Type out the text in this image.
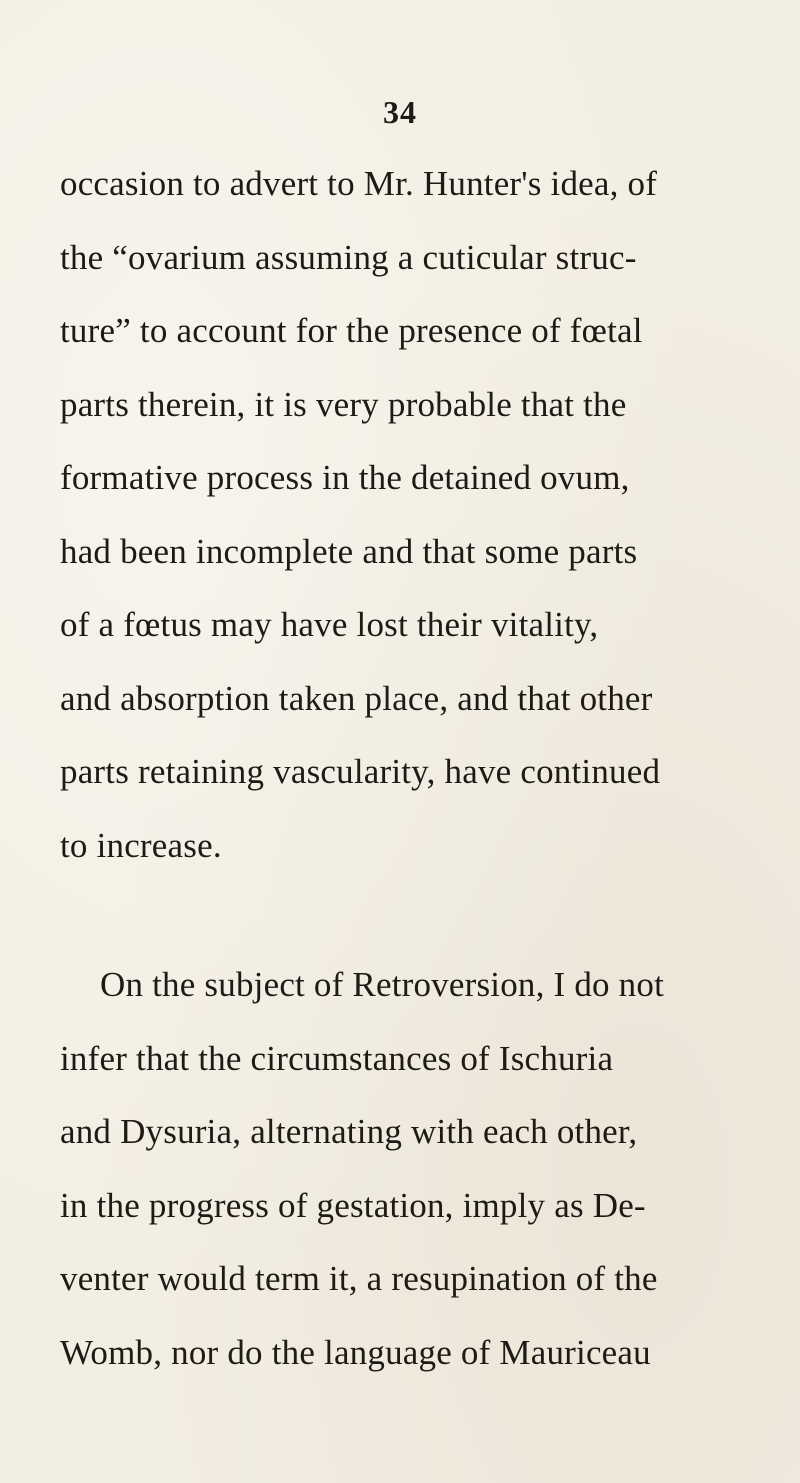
34
occasion to advert to Mr. Hunter's idea, of
the “ovarium assuming a cuticular struc-
ture” to account for the presence of fœtal
parts therein, it is very probable that the
formative process in the detained ovum,
had been incomplete and that some parts
of a fœtus may have lost their vitality,
and absorption taken place, and that other
parts retaining vascularity, have continued
to increase.
On the subject of Retroversion, I do not
infer that the circumstances of Ischuria
and Dysuria, alternating with each other,
in the progress of gestation, imply as De-
venter would term it, a resupination of the
Womb, nor do the language of Mauriceau
